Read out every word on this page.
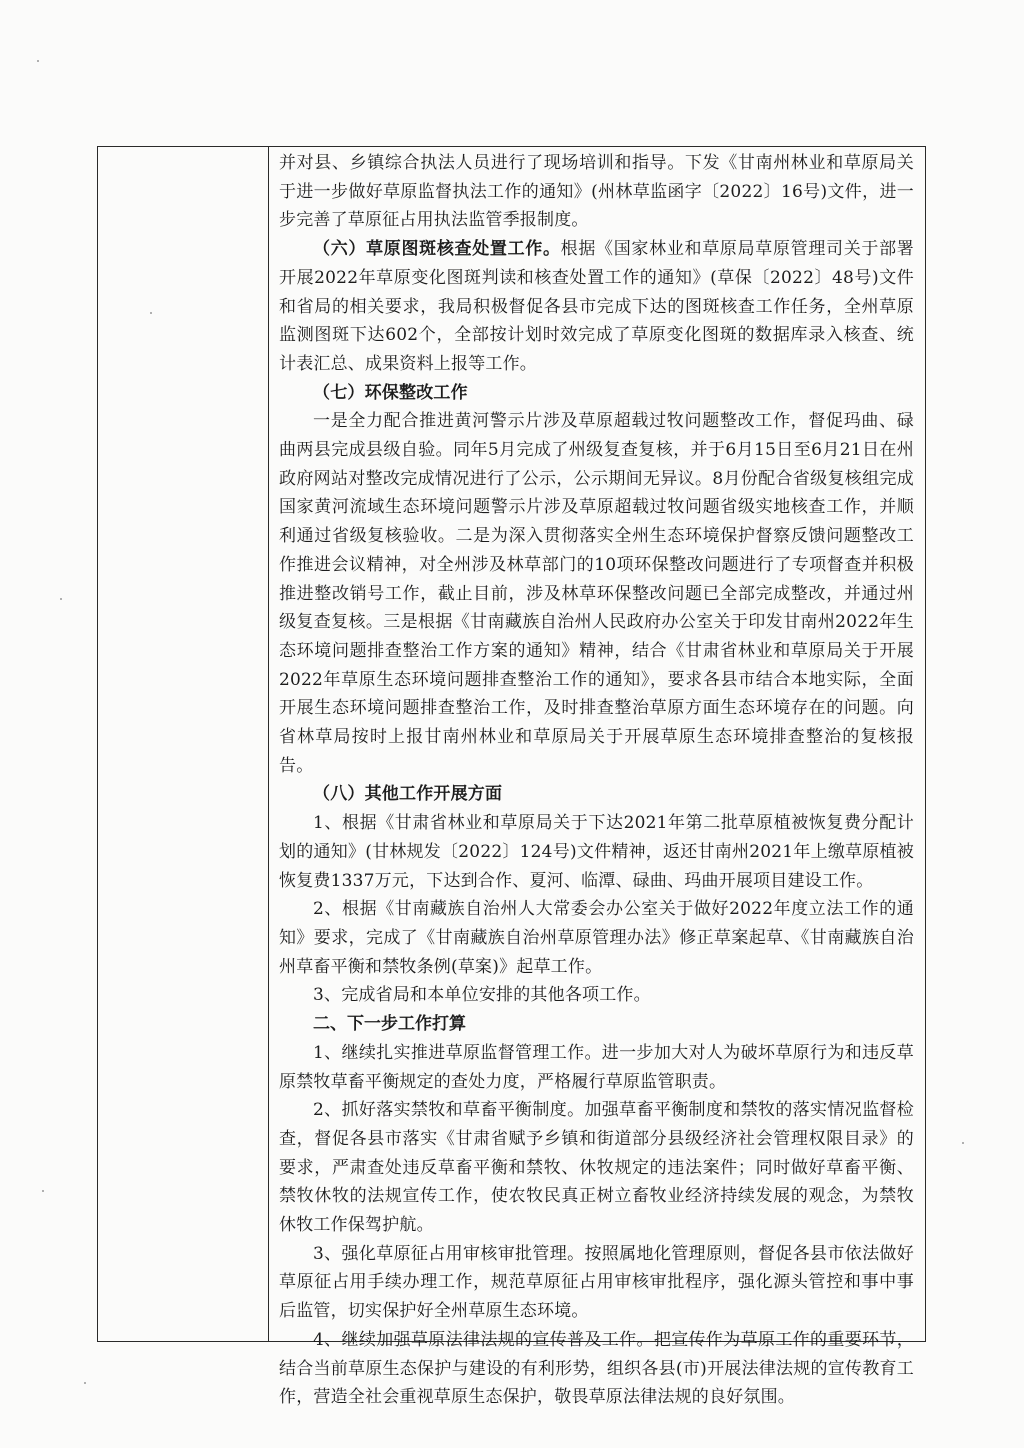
并对县、乡镇综合执法人员进行了现场培训和指导。下发《甘南州林业和草原局关于进一步做好草原监督执法工作的通知》(州林草监函字〔2022〕16号)文件，进一步完善了草原征占用执法监管季报制度。

（六）草原图斑核查处置工作。根据《国家林业和草原局草原管理司关于部署开展2022年草原变化图斑判读和核查处置工作的通知》(草保〔2022〕48号)文件和省局的相关要求，我局积极督促各县市完成下达的图斑核查工作任务，全州草原监测图斑下达602个，全部按计划时效完成了草原变化图斑的数据库录入核查、统计表汇总、成果资料上报等工作。

（七）环保整改工作

一是全力配合推进黄河警示片涉及草原超载过牧问题整改工作，督促玛曲、碌曲两县完成县级自验。同年5月完成了州级复查复核，并于6月15日至6月21日在州政府网站对整改完成情况进行了公示，公示期间无异议。8月份配合省级复核组完成国家黄河流域生态环境问题警示片涉及草原超载过牧问题省级实地核查工作，并顺利通过省级复核验收。二是为深入贯彻落实全州生态环境保护督察反馈问题整改工作推进会议精神，对全州涉及林草部门的10项环保整改问题进行了专项督查并积极推进整改销号工作，截止目前，涉及林草环保整改问题已全部完成整改，并通过州级复查复核。三是根据《甘南藏族自治州人民政府办公室关于印发甘南州2022年生态环境问题排查整治工作方案的通知》精神，结合《甘肃省林业和草原局关于开展2022年草原生态环境问题排查整治工作的通知》，要求各县市结合本地实际，全面开展生态环境问题排查整治工作，及时排查整治草原方面生态环境存在的问题。向省林草局按时上报甘南州林业和草原局关于开展草原生态环境排查整治的复核报告。

（八）其他工作开展方面

1、根据《甘肃省林业和草原局关于下达2021年第二批草原植被恢复费分配计划的通知》(甘林规发〔2022〕124号)文件精神，返还甘南州2021年上缴草原植被恢复费1337万元，下达到合作、夏河、临潭、碌曲、玛曲开展项目建设工作。

2、根据《甘南藏族自治州人大常委会办公室关于做好2022年度立法工作的通知》要求，完成了《甘南藏族自治州草原管理办法》修正草案起草、《甘南藏族自治州草畜平衡和禁牧条例(草案)》起草工作。

3、完成省局和本单位安排的其他各项工作。

二、下一步工作打算

1、继续扎实推进草原监督管理工作。进一步加大对人为破坏草原行为和违反草原禁牧草畜平衡规定的查处力度，严格履行草原监管职责。

2、抓好落实禁牧和草畜平衡制度。加强草畜平衡制度和禁牧的落实情况监督检查，督促各县市落实《甘肃省赋予乡镇和街道部分县级经济社会管理权限目录》的要求，严肃查处违反草畜平衡和禁牧、休牧规定的违法案件；同时做好草畜平衡、禁牧休牧的法规宣传工作，使农牧民真正树立畜牧业经济持续发展的观念，为禁牧休牧工作保驾护航。

3、强化草原征占用审核审批管理。按照属地化管理原则，督促各县市依法做好草原征占用手续办理工作，规范草原征占用审核审批程序，强化源头管控和事中事后监管，切实保护好全州草原生态环境。

4、继续加强草原法律法规的宣传普及工作。把宣传作为草原工作的重要环节，结合当前草原生态保护与建设的有利形势，组织各县(市)开展法律法规的宣传教育工作，营造全社会重视草原生态保护，敬畏草原法律法规的良好氛围。
